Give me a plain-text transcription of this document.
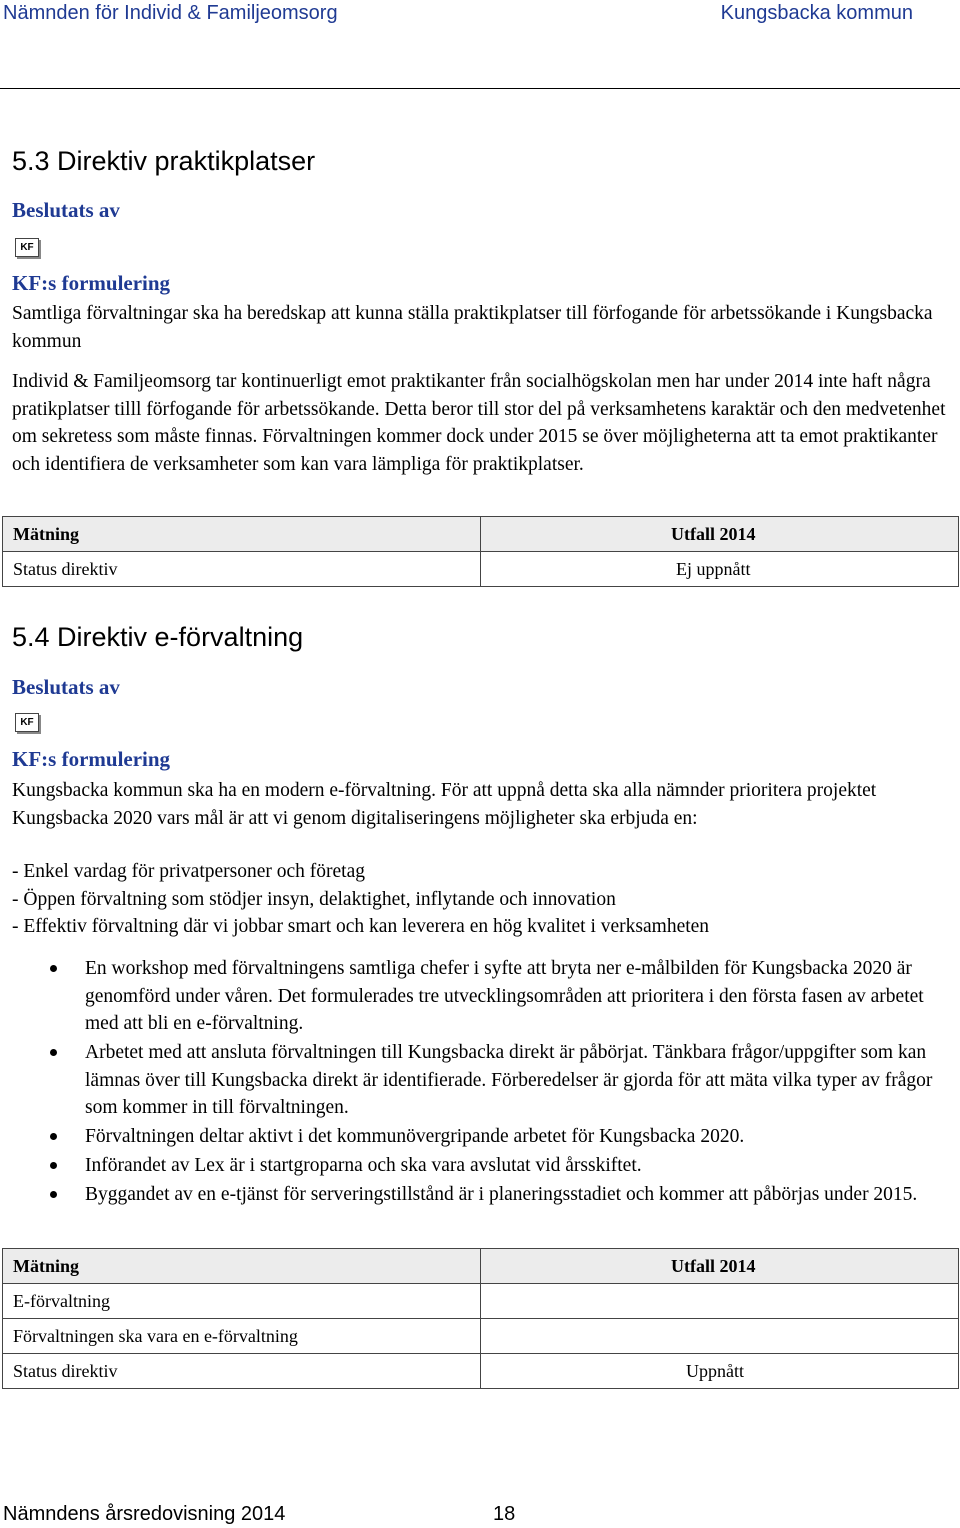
Nämnden för Individ & Familjeomsorg	Kungsbacka kommun
5.3 Direktiv praktikplatser
Beslutats av
KF
KF:s formulering

Samtliga förvaltningar ska ha beredskap att kunna ställa praktikplatser till förfogande för arbetssökande i Kungsbacka kommun

Individ & Familjeomsorg tar kontinuerligt emot praktikanter från socialhögskolan men har under 2014 inte haft några pratikplatser tilll förfogande för arbetssökande. Detta beror till stor del på verksamhetens karaktär och den medvetenhet om sekretess som måste finnas. Förvaltningen kommer dock under 2015 se över möjligheterna att ta emot praktikanter och identifiera de verksamheter som kan vara lämpliga för praktikplatser.

Mätning	Utfall 2014
Status direktiv	Ej uppnått
5.4 Direktiv e-förvaltning
Beslutats av
KF
KF:s formulering

Kungsbacka kommun ska ha en modern e-förvaltning. För att uppnå detta ska alla nämnder prioritera projektet Kungsbacka 2020 vars mål är att vi genom digitaliseringens möjligheter ska erbjuda en:

- Enkel vardag för privatpersoner och företag

- Öppen förvaltning som stödjer insyn, delaktighet, inflytande och innovation

- Effektiv förvaltning där vi jobbar smart och kan leverera en hög kvalitet i verksamheten

En workshop med förvaltningens samtliga chefer i syfte att bryta ner e-målbilden för Kungsbacka 2020 är genomförd under våren. Det formulerades tre utvecklingsområden att prioritera i den första fasen av arbetet med att bli en e-förvaltning.
Arbetet med att ansluta förvaltningen till Kungsbacka direkt är påbörjat. Tänkbara frågor/uppgifter som kan lämnas över till Kungsbacka direkt är identifierade. Förberedelser är gjorda för att mäta vilka typer av frågor som kommer in till förvaltningen.
Förvaltningen deltar aktivt i det kommunövergripande arbetet för Kungsbacka 2020.
Införandet av Lex är i startgroparna och ska vara avslutat vid årsskiftet.
Byggandet av en e-tjänst för serveringstillstånd är i planeringsstadiet och kommer att påbörjas under 2015.
Mätning	Utfall 2014
E-förvaltning	
Förvaltningen ska vara en e-förvaltning	
Status direktiv	Uppnått
Nämndens årsredovisning 2014	18
